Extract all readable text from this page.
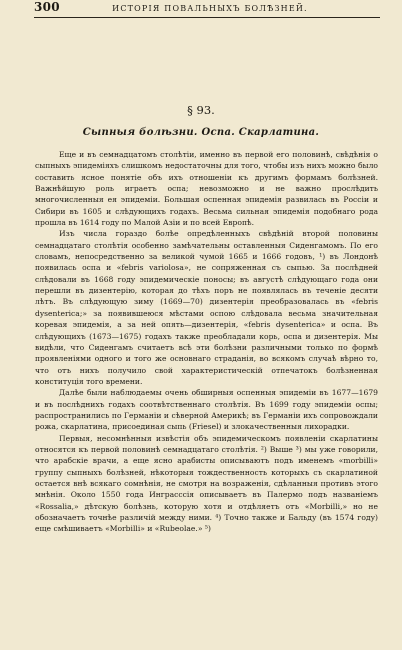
300	ИСТОРІЯ ПОВАЛЬНЫХЪ БОЛѢЗНЕЙ.
§ 93.
Сыпныя болѣзни. Оспа. Скарлатина.

Еще и въ семнадцатомъ столѣтіи, именно въ первой его половинѣ, свѣдѣнія о сыпныхъ эпидеміяхъ слишкомъ недостаточны для того, чтобы изъ нихъ можно было составить ясное понятіе объ ихъ отношеніи къ другимъ формамъ болѣзней. Важнѣйшую роль играетъ оспа; невозможно и не важно прослѣдить многочисленныя ея эпидеміи. Большая оспенная эпидемія развилась въ Россіи и Сибири въ 1605 и слѣдующихъ годахъ. Весьма сильная эпидемія подобнаго рода прошла въ 1614 году по Малой Азіи и по всей Европѣ.

Изъ числа гораздо болѣе опредѣленныхъ свѣдѣній второй половины семнадцатаго столѣтія особенно замѣчательны оставленныя Сиденгамомъ. По его словамъ, непосредственно за великой чумой 1665 и 1666 годовъ, ¹) въ Лондонѣ появилась оспа и «febris variolosa», не сопряженная съ сыпью. За послѣдней слѣдовали въ 1668 году эпидемическіе поносы; въ августѣ слѣдующаго года они перешли въ дизентерію, которая до тѣхъ поръ не появлялась въ теченіе десяти лѣтъ. Въ слѣдующую зиму (1669—70) дизентерія преобразовалась въ «febris dysenterica;» за появившеюся мѣстами оспою слѣдовала весьма значительная коревая эпидемія, а за ней опять—дизентерія, «febris dysenterica» и оспа. Въ слѣдующихъ (1673—1675) годахъ также преобладали корь, оспа и дизентерія. Мы видѣли, что Сиденгамъ считаетъ всѣ эти болѣзни различными только по формѣ проявленіями одного и того же основнаго страданія, во всякомъ случаѣ вѣрно то, что отъ нихъ получило свой характеристическій отпечатокъ болѣзненная конституція того времени.

Далѣе были наблюдаемы очень обширныя оспенныя эпидеміи въ 1677—1679 и въ послѣднихъ годахъ соотвѣтственнаго столѣтія. Въ 1699 году эпидеміи оспы; распространились по Германіи и сѣверной Америкѣ; въ Германіи ихъ сопровождали рожа, скарлатина, присоединая сыпь (Friesel) и злокачественныя лихорадки.

Первыя, несомнѣнныя извѣстія объ эпидемическомъ появленіи скарлатины относятся къ первой половинѣ семнадцатаго столѣтія. ²) Выше ³) мы уже говорили, что арабскіе врачи, а еще ясно арабисты описываютъ подъ именемъ «morbilli» группу сыпныхъ болѣзней, нѣкоторыя тождественность которыхъ съ скарлатиной остается внѣ всякаго сомнѣнія, не смотря на возраженія, сдѣланныя противъ этого мнѣнія. Около 1550 года Инграсссія описываетъ въ Палермо подъ названіемъ «Rossalia,» дѣтскую болѣзнь, которую хотя и отдѣляетъ отъ «Morbilli,» но не обозначаетъ точнѣе различій между ними. ⁴) Точно также и Бальду (въ 1574 году) еще смѣшиваетъ «Morbilli» и «Rubeolae.» ⁵)
